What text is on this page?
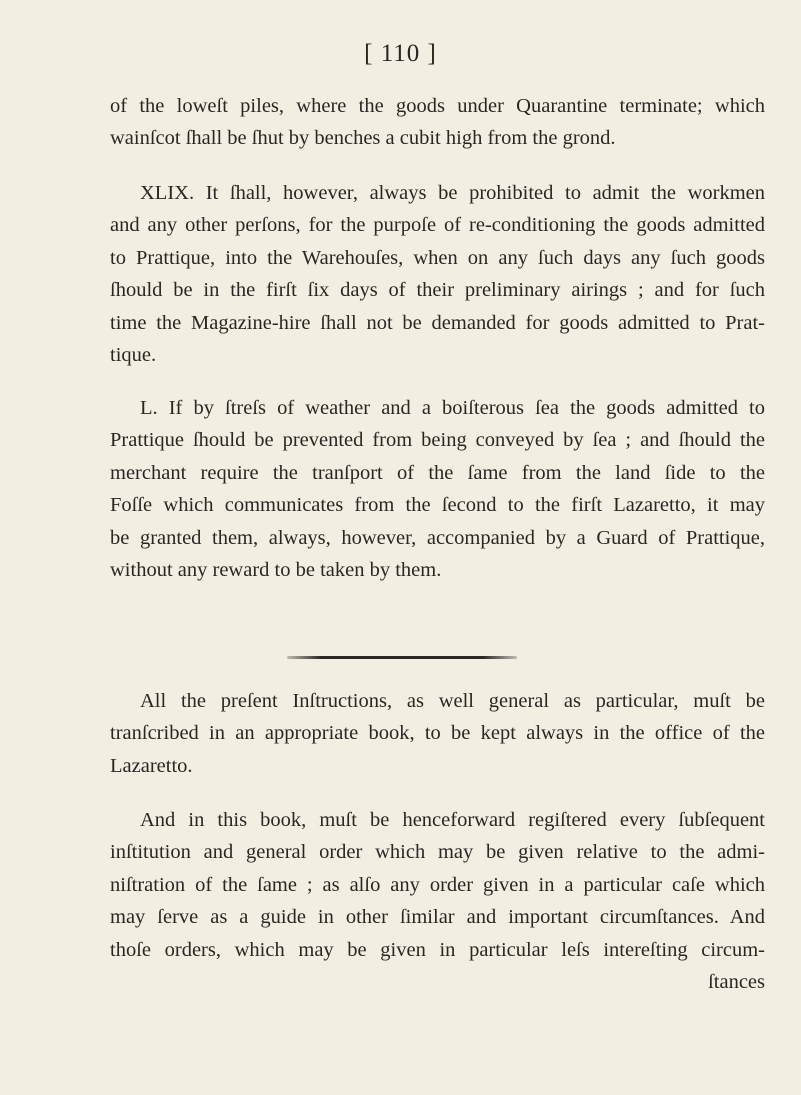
[ 110 ]
of the loweſt piles, where the goods under Quarantine terminate; which
wainſcot ſhall be ſhut by benches a cubit high from the grond.
XLIX. It ſhall, however, always be prohibited to admit the workmen
and any other perſons, for the purpoſe of re-conditioning the goods admitted
to Prattique, into the Warehouſes, when on any ſuch days any ſuch goods
ſhould be in the firſt ſix days of their preliminary airings ; and for ſuch
time the Magazine-hire ſhall not be demanded for goods admitted to Prat-
tique.
L. If by ſtreſs of weather and a boiſterous ſea the goods admitted to
Prattique ſhould be prevented from being conveyed by ſea ; and ſhould the
merchant require the tranſport of the ſame from the land ſide to the
Foſſe which communicates from the ſecond to the firſt Lazaretto, it may
be granted them, always, however, accompanied by a Guard of Prattique,
without any reward to be taken by them.
All the preſent Inſtructions, as well general as particular, muſt be
tranſcribed in an appropriate book, to be kept always in the office of the
Lazaretto.
And in this book, muſt be henceforward regiſtered every ſubſequent
inſtitution and general order which may be given relative to the admi-
niſtration of the ſame ; as alſo any order given in a particular caſe which
may ſerve as a guide in other ſimilar and important circumſtances. And
thoſe orders, which may be given in particular leſs intereſting circum-
ſtances
